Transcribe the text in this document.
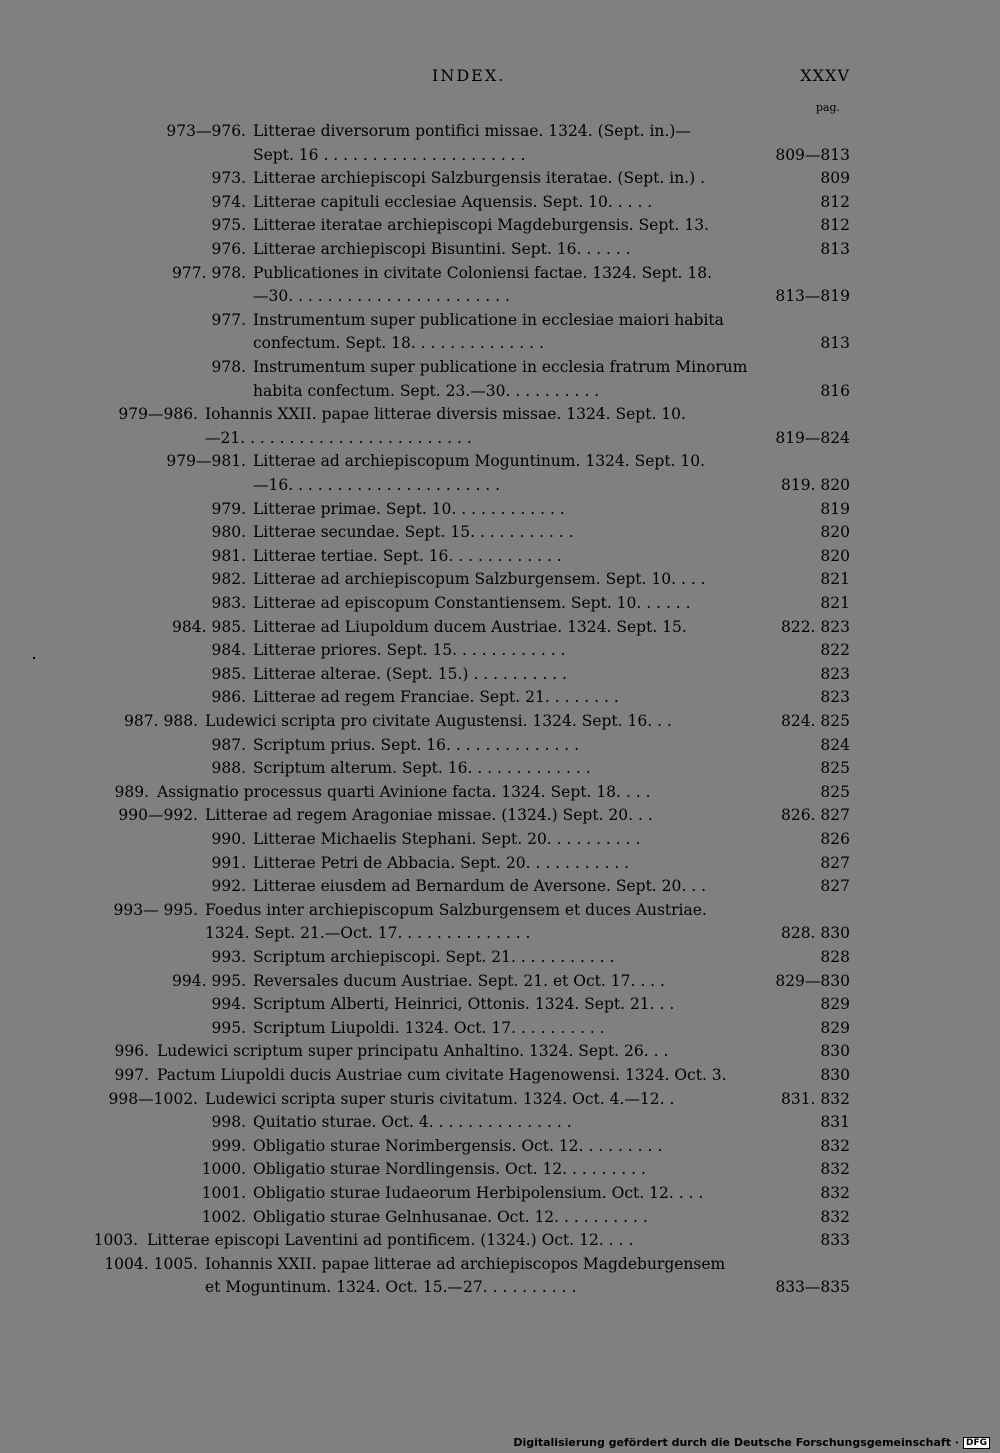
INDEX.	XXXV
pag.
973—976. Litterae diversorum pontifici missae. 1324. (Sept. in.)—
Sept. 16 . . . . . . . . . . . . . . . . . . . . .	809—813
973. Litterae archiepiscopi Salzburgensis iteratae. (Sept. in.) .	809
974. Litterae capituli ecclesiae Aquensis. Sept. 10. . . . .	812
975. Litterae iteratae archiepiscopi Magdeburgensis. Sept. 13.	812
976. Litterae archiepiscopi Bisuntini. Sept. 16. . . . . .	813
977. 978. Publicationes in civitate Coloniensi factae. 1324. Sept. 18.
—30. . . . . . . . . . . . . . . . . . . . . . .	813—819
977. Instrumentum super publicatione in ecclesiae maiori habita
confectum. Sept. 18. . . . . . . . . . . . . .	813
978. Instrumentum super publicatione in ecclesia fratrum Minorum
habita confectum. Sept. 23.—30. . . . . . . . . .	816
979—986. Iohannis XXII. papae litterae diversis missae. 1324. Sept. 10.
—21. . . . . . . . . . . . . . . . . . . . . . . .	819—824
979—981. Litterae ad archiepiscopum Moguntinum. 1324. Sept. 10.
—16. . . . . . . . . . . . . . . . . . . . . .	819. 820
979. Litterae primae. Sept. 10. . . . . . . . . . . .	819
980. Litterae secundae. Sept. 15. . . . . . . . . . .	820
981. Litterae tertiae. Sept. 16. . . . . . . . . . . .	820
982. Litterae ad archiepiscopum Salzburgensem. Sept. 10. . . .	821
983. Litterae ad episcopum Constantiensem. Sept. 10. . . . . .	821
984. 985. Litterae ad Liupoldum ducem Austriae. 1324. Sept. 15.	822. 823
984. Litterae priores. Sept. 15. . . . . . . . . . . .	822
985. Litterae alterae. (Sept. 15.) . . . . . . . . . .	823
986. Litterae ad regem Franciae. Sept. 21. . . . . . . .	823
987. 988. Ludewici scripta pro civitate Augustensi. 1324. Sept. 16. . .	824. 825
987. Scriptum prius. Sept. 16. . . . . . . . . . . . . .	824
988. Scriptum alterum. Sept. 16. . . . . . . . . . . . .	825
989. Assignatio processus quarti Avinione facta. 1324. Sept. 18. . . .	825
990—992. Litterae ad regem Aragoniae missae. (1324.) Sept. 20. . .	826. 827
990. Litterae Michaelis Stephani. Sept. 20. . . . . . . . . .	826
991. Litterae Petri de Abbacia. Sept. 20. . . . . . . . . . .	827
992. Litterae eiusdem ad Bernardum de Aversone. Sept. 20. . .	827
993— 995. Foedus inter archiepiscopum Salzburgensem et duces Austriae.
1324. Sept. 21.—Oct. 17. . . . . . . . . . . . . .	828. 830
993. Scriptum archiepiscopi. Sept. 21. . . . . . . . . . .	828
994. 995. Reversales ducum Austriae. Sept. 21. et Oct. 17. . . .	829—830
994. Scriptum Alberti, Heinrici, Ottonis. 1324. Sept. 21. . .	829
995. Scriptum Liupoldi. 1324. Oct. 17. . . . . . . . . .	829
996. Ludewici scriptum super principatu Anhaltino. 1324. Sept. 26. . .	830
997. Pactum Liupoldi ducis Austriae cum civitate Hagenowensi. 1324. Oct. 3.	830
998—1002. Ludewici scripta super sturis civitatum. 1324. Oct. 4.—12. .	831. 832
998. Quitatio sturae. Oct. 4. . . . . . . . . . . . . . .	831
999. Obligatio sturae Norimbergensis. Oct. 12. . . . . . . . .	832
1000. Obligatio sturae Nordlingensis. Oct. 12. . . . . . . . .	832
1001. Obligatio sturae Iudaeorum Herbipolensium. Oct. 12. . . .	832
1002. Obligatio sturae Gelnhusanae. Oct. 12. . . . . . . . . .	832
1003. Litterae episcopi Laventini ad pontificem. (1324.) Oct. 12. . . .	833
1004. 1005. Iohannis XXII. papae litterae ad archiepiscopos Magdeburgensem
et Moguntinum. 1324. Oct. 15.—27. . . . . . . . . .	833—835
Digitalisierung gefördert durch die Deutsche Forschungsgemeinschaft · DFG
